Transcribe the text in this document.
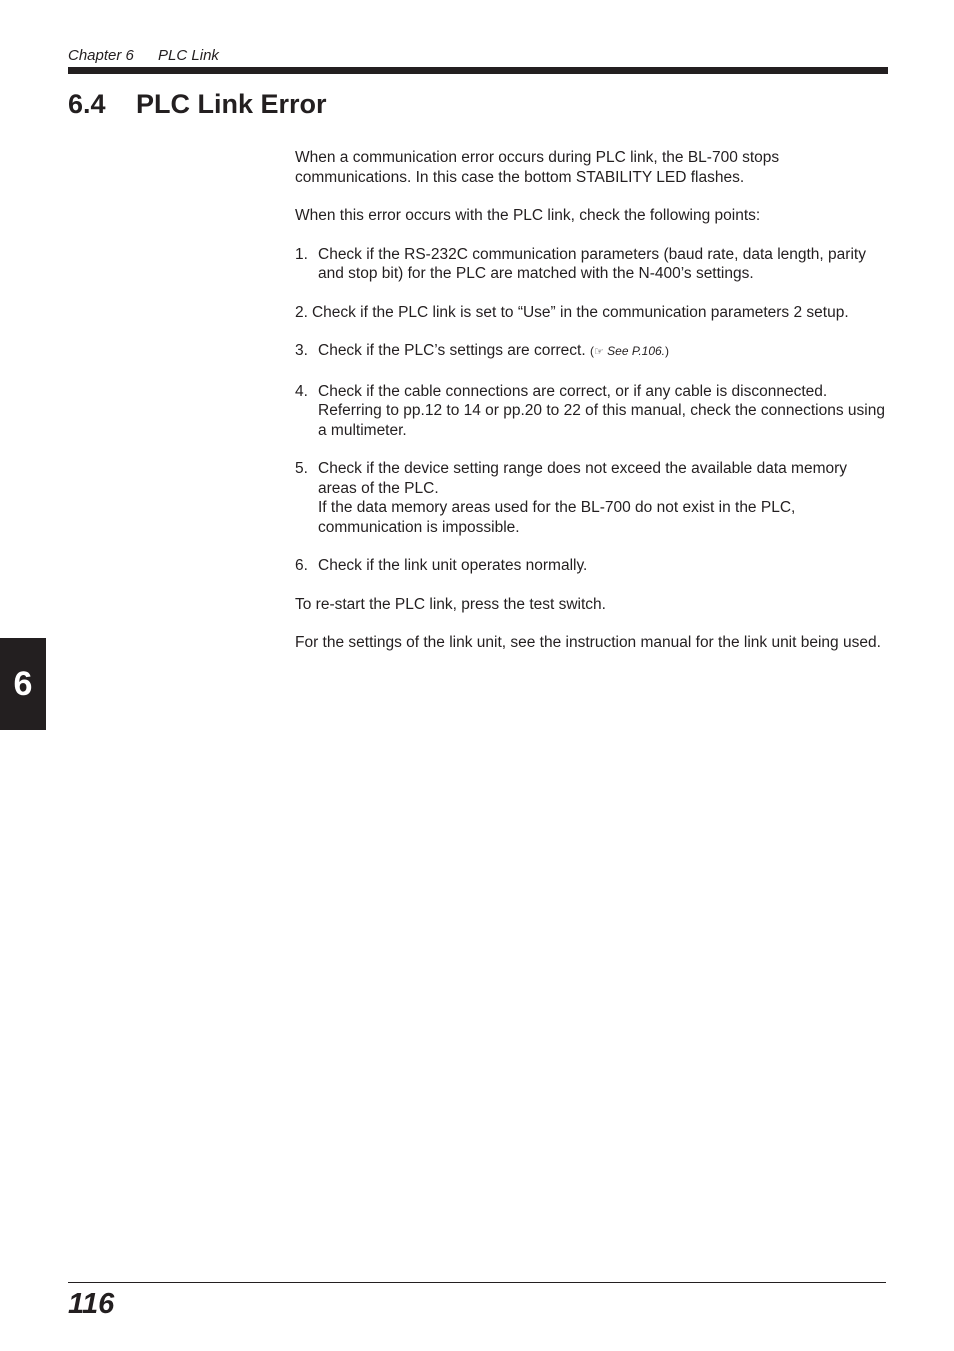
Chapter 6 PLC Link
6.4 PLC Link Error

When a communication error occurs during PLC link, the BL-700 stops communications. In this case the bottom STABILITY LED flashes.

When this error occurs with the PLC link, check the following points:

1. Check if the RS-232C communication parameters (baud rate, data length, parity and stop bit) for the PLC are matched with the N-400’s settings.
2. Check if the PLC link is set to “Use” in the communication parameters 2 setup.
3. Check if the PLC’s settings are correct. (☞ See P.106.)
4. Check if the cable connections are correct, or if any cable is disconnected.
Referring to pp.12 to 14 or pp.20 to 22 of this manual, check the connections using a multimeter.
5. Check if the device setting range does not exceed the available data memory areas of the PLC.
If the data memory areas used for the BL-700 do not exist in the PLC, communication is impossible.
6. Check if the link unit operates normally.

To re-start the PLC link, press the test switch.

For the settings of the link unit, see the instruction manual for the link unit being used.

6
116
